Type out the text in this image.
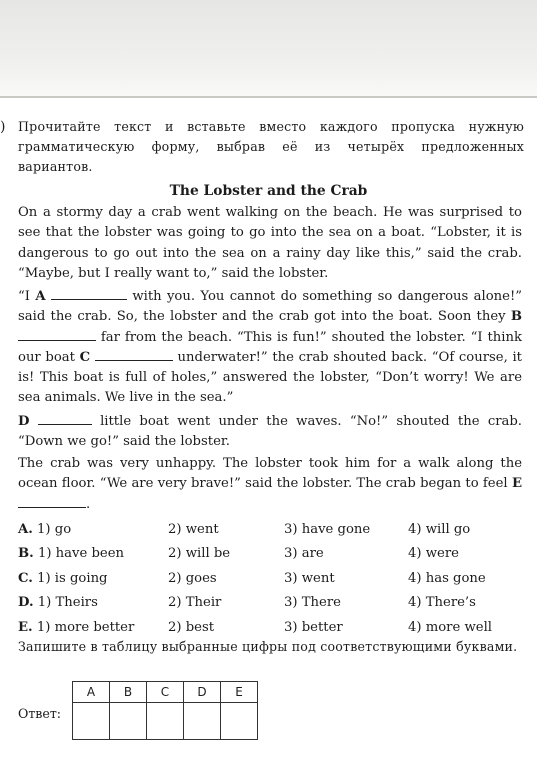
) Прочитайте текст и вставьте вместо каждого пропуска нужную грамматическую форму, выбрав её из четырёх предложенных вариантов.
The Lobster and the Crab

On a stormy day a crab went walking on the beach. He was surprised to see that the lobster was going to go into the sea on a boat. “Lobster, it is dangerous to go out into the sea on a rainy day like this,” said the crab. “Maybe, but I really want to,” said the lobster.

“I A	with you. You cannot do something so dangerous alone!” said the crab. So, the lobster and the crab got into the boat. Soon they B  far from the beach. “This is fun!” shouted the lobster. “I think our boat C	underwater!” the crab shouted back. “Of course, it is! This boat is full of holes,” answered the lobster, “Don’t worry! We are sea animals. We live in the sea.”

D	little boat went under the waves. “No!” shouted the crab. “Down we go!” said the lobster.

The crab was very unhappy. The lobster took him for a walk along the ocean floor. “We are very brave!” said the lobster. The crab began to feel E .

A. 1) go	2) went	3) have gone	4) will go
B. 1) have been	2) will be	3) are	4) were
C. 1) is going	2) goes	3) went	4) has gone
D. 1) Theirs	2) Their	3) There	4) There’s
E. 1) more better	2) best	3) better	4) more well
Запишите в таблицу выбранные цифры под соответствующими буквами.
Ответ:
A	B	C	D	E
